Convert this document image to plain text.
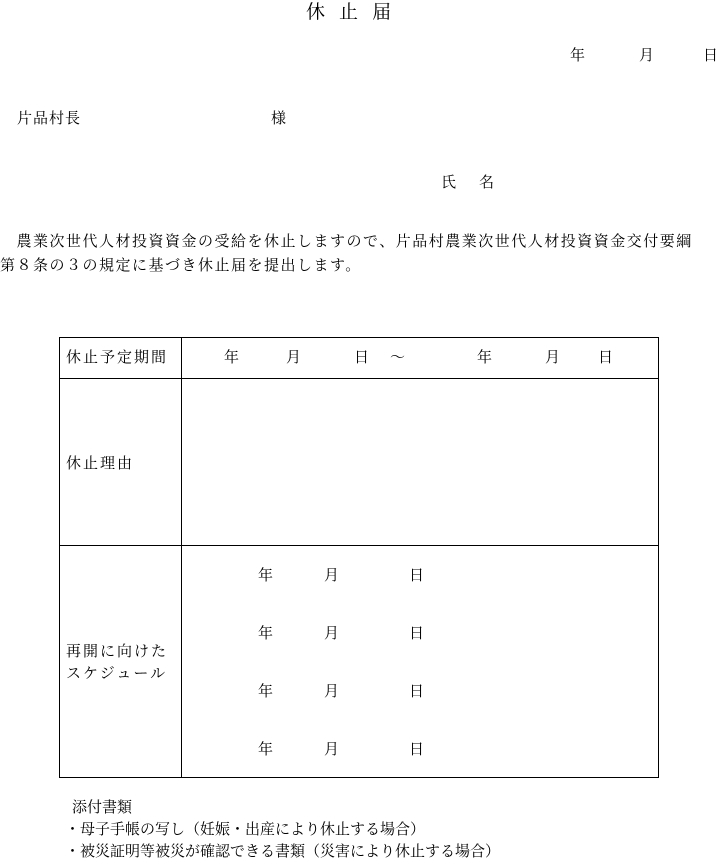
休 止 届
年	月	日
片品村長	様
氏　名
　農業次世代人材投資資金の受給を休止しますので、片品村農業次世代人材投資資金交付要綱
第８条の３の規定に基づき休止届を提出します。
休止予定期間	年	月	日 ～	年	月	日
休止理由
再開に向けた
スケジュール
年	月	日
年	月	日
年	月	日
年	月	日
添付書類
・母子手帳の写し（妊娠・出産により休止する場合）
・被災証明等被災が確認できる書類（災害により休止する場合）
